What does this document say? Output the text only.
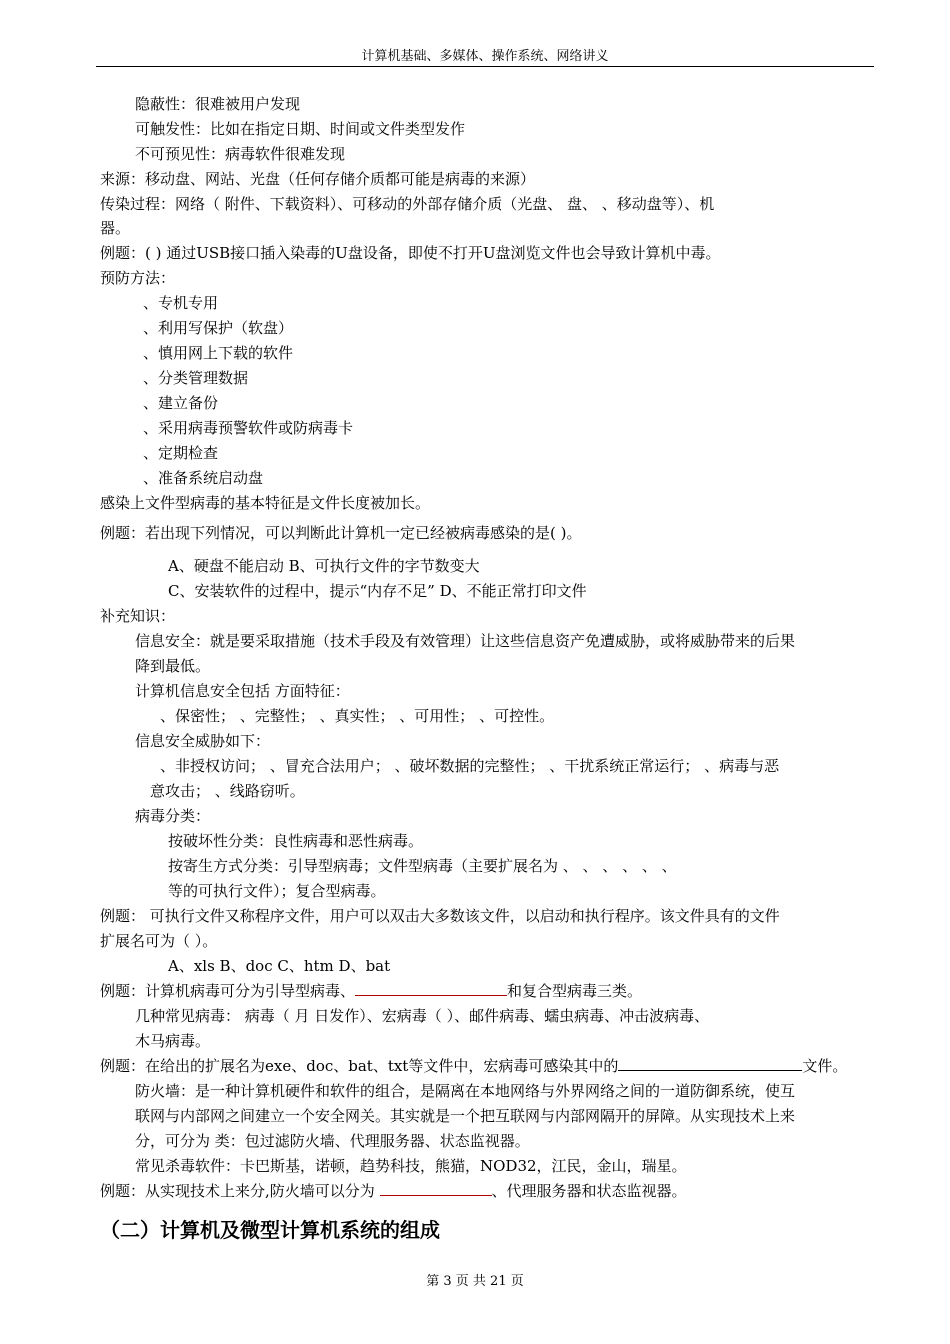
计算机基础、多媒体、操作系统、网络讲义
隐蔽性：很难被用户发现
可触发性：比如在指定日期、时间或文件类型发作
不可预见性：病毒软件很难发现
来源：移动盘、网站、光盘（任何存储介质都可能是病毒的来源）
传染过程：网络（ 附件、下载资料）、可移动的外部存储介质（光盘、 盘、 、移动盘等）、机
器。
例题：( ) 通过USB接口插入染毒的U盘设备，即使不打开U盘浏览文件也会导致计算机中毒。
预防方法：
、专机专用
、利用写保护（软盘）
、慎用网上下载的软件
、分类管理数据
、建立备份
、采用病毒预警软件或防病毒卡
、定期检查
、准备系统启动盘
感染上文件型病毒的基本特征是文件长度被加长。
例题：若出现下列情况，可以判断此计算机一定已经被病毒感染的是( )。
A、硬盘不能启动 B、可执行文件的字节数变大
C、安装软件的过程中，提示“内存不足” D、不能正常打印文件
补充知识：
信息安全：就是要采取措施（技术手段及有效管理）让这些信息资产免遭威胁，或将威胁带来的后果
降到最低。
计算机信息安全包括 方面特征：
、保密性； 、完整性； 、真实性； 、可用性； 、可控性。
信息安全威胁如下：
、非授权访问； 、冒充合法用户； 、破坏数据的完整性； 、干扰系统正常运行； 、病毒与恶
意攻击； 、线路窃听。
病毒分类：
按破坏性分类：良性病毒和恶性病毒。
按寄生方式分类：引导型病毒；文件型病毒（主要扩展名为 、 、 、 、 、 、
等的可执行文件）；复合型病毒。
例题： 可执行文件又称程序文件，用户可以双击大多数该文件，以启动和执行程序。该文件具有的文件
扩展名可为（ ）。
A、xls B、doc C、htm D、bat
例题：计算机病毒可分为引导型病毒、	和复合型病毒三类。
几种常见病毒： 病毒（ 月 日发作）、宏病毒（ ）、邮件病毒、蠕虫病毒、冲击波病毒、
木马病毒。
例题：在给出的扩展名为exe、doc、bat、txt等文件中，宏病毒可感染其中的	文件。
防火墙：是一种计算机硬件和软件的组合，是隔离在本地网络与外界网络之间的一道防御系统，使互
联网与内部网之间建立一个安全网关。其实就是一个把互联网与内部网隔开的屏障。从实现技术上来
分，可分为 类：包过滤防火墙、代理服务器、状态监视器。
常见杀毒软件：卡巴斯基，诺顿，趋势科技，熊猫，NOD32，江民，金山，瑞星。
例题：从实现技术上来分,防火墙可以分为	、代理服务器和状态监视器。
（二）计算机及微型计算机系统的组成
第 3 页 共 21 页
